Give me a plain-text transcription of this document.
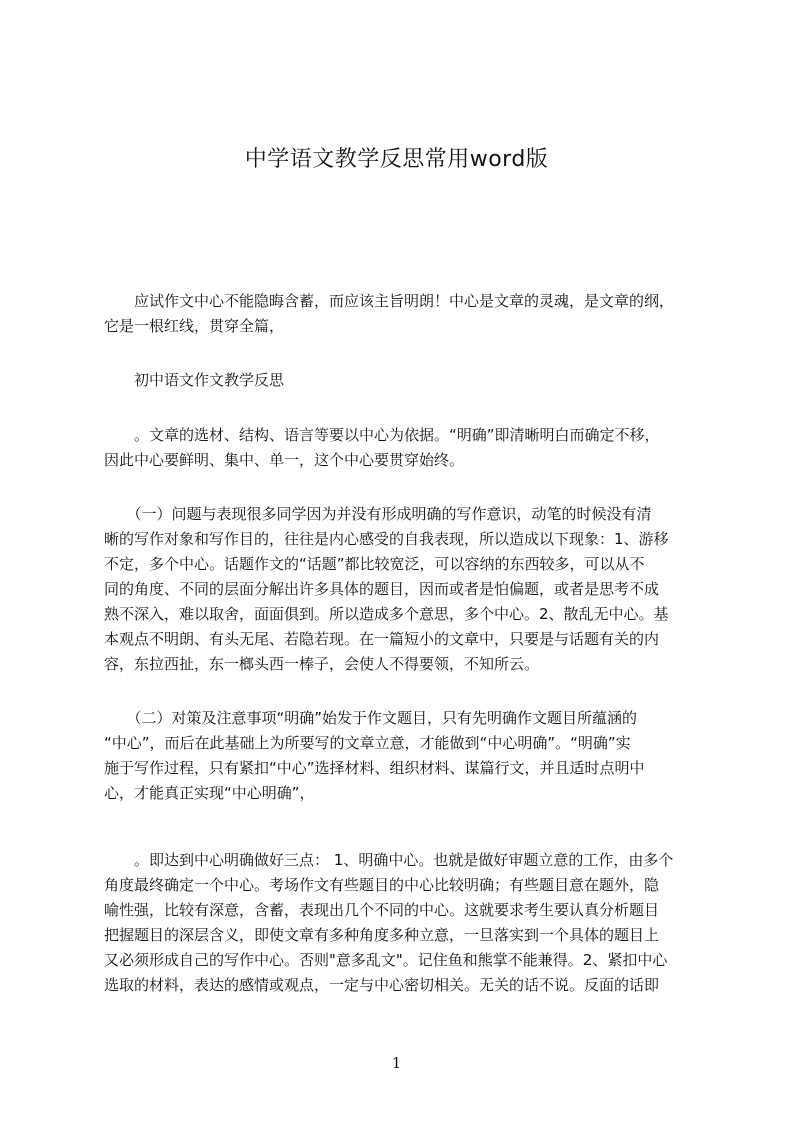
中学语文教学反思常用word版
　　应试作文中心不能隐晦含蓄，而应该主旨明朗！中心是文章的灵魂，是文章的纲，
它是一根红线，贯穿全篇，
　　初中语文作文教学反思
　　。文章的选材、结构、语言等要以中心为依据。“明确”即清晰明白而确定不移，
因此中心要鲜明、集中、单一，这个中心要贯穿始终。
　　（一）问题与表现很多同学因为并没有形成明确的写作意识，动笔的时候没有清
晰的写作对象和写作目的，往往是内心感受的自我表现，所以造成以下现象：1、游移
不定，多个中心。话题作文的“话题”都比较宽泛，可以容纳的东西较多，可以从不
同的角度、不同的层面分解出许多具体的题目，因而或者是怕偏题，或者是思考不成
熟不深入，难以取舍，面面俱到。所以造成多个意思，多个中心。2、散乱无中心。基
本观点不明朗、有头无尾、若隐若现。在一篇短小的文章中，只要是与话题有关的内
容，东拉西扯，东一榔头西一棒子，会使人不得要领，不知所云。
　　（二）对策及注意事项“明确”始发于作文题目，只有先明确作文题目所蕴涵的
“中心”，而后在此基础上为所要写的文章立意，才能做到“中心明确”。“明确”实
施于写作过程，只有紧扣“中心”选择材料、组织材料、谋篇行文，并且适时点明中
心，才能真正实现“中心明确”，
　　。即达到中心明确做好三点： 1、明确中心。也就是做好审题立意的工作，由多个
角度最终确定一个中心。考场作文有些题目的中心比较明确；有些题目意在题外，隐
喻性强，比较有深意，含蓄，表现出几个不同的中心。这就要求考生要认真分析题目
把握题目的深层含义，即使文章有多种角度多种立意，一旦落实到一个具体的题目上
又必须形成自己的写作中心。否则"意多乱文"。记住鱼和熊掌不能兼得。2、紧扣中心
选取的材料，表达的感情或观点，一定与中心密切相关。无关的话不说。反面的话即
1
